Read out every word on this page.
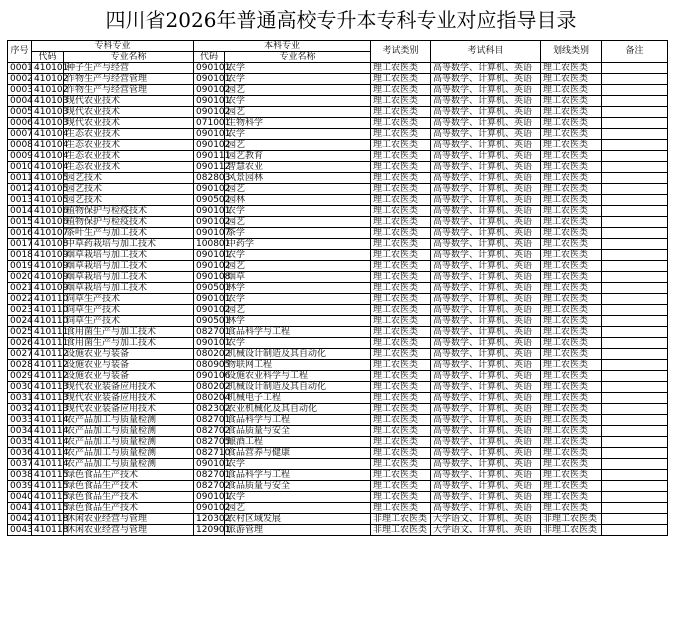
四川省2026年普通高校专升本专科专业对应指导目录
序号	专科专业		本科专业		考试类别	考试科目	划线类别	备注
	代码	专业名称	代码	专业名称				
0001	410101	种子生产与经营	090101	农学	理工农医类	高等数学、计算机、英语	理工农医类	
0002	410102	作物生产与经营管理	090101	农学	理工农医类	高等数学、计算机、英语	理工农医类	
0003	410102	作物生产与经营管理	090102	园艺	理工农医类	高等数学、计算机、英语	理工农医类	
0004	410103	现代农业技术	090101	农学	理工农医类	高等数学、计算机、英语	理工农医类	
0005	410103	现代农业技术	090102	园艺	理工农医类	高等数学、计算机、英语	理工农医类	
0006	410103	现代农业技术	071001	生物科学	理工农医类	高等数学、计算机、英语	理工农医类	
0007	410104	生态农业技术	090101	农学	理工农医类	高等数学、计算机、英语	理工农医类	
0008	410104	生态农业技术	090102	园艺	理工农医类	高等数学、计算机、英语	理工农医类	
0009	410104	生态农业技术	090111	园艺教育	理工农医类	高等数学、计算机、英语	理工农医类	
0010	410104	生态农业技术	090112	智慧农业	理工农医类	高等数学、计算机、英语	理工农医类	
0011	410105	园艺技术	082803	风景园林	理工农医类	高等数学、计算机、英语	理工农医类	
0012	410105	园艺技术	090102	园艺	理工农医类	高等数学、计算机、英语	理工农医类	
0013	410105	园艺技术	090502	园林	理工农医类	高等数学、计算机、英语	理工农医类	
0014	410106	植物保护与检疫技术	090101	农学	理工农医类	高等数学、计算机、英语	理工农医类	
0015	410106	植物保护与检疫技术	090102	园艺	理工农医类	高等数学、计算机、英语	理工农医类	
0016	410107	茶叶生产与加工技术	090107	茶学	理工农医类	高等数学、计算机、英语	理工农医类	
0017	410108	中草药栽培与加工技术	100801	中药学	理工农医类	高等数学、计算机、英语	理工农医类	
0018	410109	烟草栽培与加工技术	090101	农学	理工农医类	高等数学、计算机、英语	理工农医类	
0019	410109	烟草栽培与加工技术	090102	园艺	理工农医类	高等数学、计算机、英语	理工农医类	
0020	410109	烟草栽培与加工技术	090108	烟草	理工农医类	高等数学、计算机、英语	理工农医类	
0021	410109	烟草栽培与加工技术	090501	林学	理工农医类	高等数学、计算机、英语	理工农医类	
0022	410110	饲草生产技术	090101	农学	理工农医类	高等数学、计算机、英语	理工农医类	
0023	410110	饲草生产技术	090102	园艺	理工农医类	高等数学、计算机、英语	理工农医类	
0024	410110	饲草生产技术	090501	林学	理工农医类	高等数学、计算机、英语	理工农医类	
0025	410111	食用菌生产与加工技术	082701	食品科学与工程	理工农医类	高等数学、计算机、英语	理工农医类	
0026	410111	食用菌生产与加工技术	090101	农学	理工农医类	高等数学、计算机、英语	理工农医类	
0027	410112	设施农业与装备	080202	机械设计制造及其自动化	理工农医类	高等数学、计算机、英语	理工农医类	
0028	410112	设施农业与装备	080905	物联网工程	理工农医类	高等数学、计算机、英语	理工农医类	
0029	410112	设施农业与装备	090106	设施农业科学与工程	理工农医类	高等数学、计算机、英语	理工农医类	
0030	410113	现代农业装备应用技术	080202	机械设计制造及其自动化	理工农医类	高等数学、计算机、英语	理工农医类	
0031	410113	现代农业装备应用技术	080204	机械电子工程	理工农医类	高等数学、计算机、英语	理工农医类	
0032	410113	现代农业装备应用技术	082302	农业机械化及其自动化	理工农医类	高等数学、计算机、英语	理工农医类	
0033	410114	农产品加工与质量检测	082701	食品科学与工程	理工农医类	高等数学、计算机、英语	理工农医类	
0034	410114	农产品加工与质量检测	082702	食品质量与安全	理工农医类	高等数学、计算机、英语	理工农医类	
0035	410114	农产品加工与质量检测	082705	酿酒工程	理工农医类	高等数学、计算机、英语	理工农医类	
0036	410114	农产品加工与质量检测	082710	食品营养与健康	理工农医类	高等数学、计算机、英语	理工农医类	
0037	410114	农产品加工与质量检测	090101	农学	理工农医类	高等数学、计算机、英语	理工农医类	
0038	410115	绿色食品生产技术	082701	食品科学与工程	理工农医类	高等数学、计算机、英语	理工农医类	
0039	410115	绿色食品生产技术	082702	食品质量与安全	理工农医类	高等数学、计算机、英语	理工农医类	
0040	410115	绿色食品生产技术	090101	农学	理工农医类	高等数学、计算机、英语	理工农医类	
0041	410115	绿色食品生产技术	090102	园艺	理工农医类	高等数学、计算机、英语	理工农医类	
0042	410118	休闲农业经营与管理	120302	农村区域发展	非理工农医类	大学语文、计算机、英语	非理工农医类	
0043	410118	休闲农业经营与管理	120901	旅游管理	非理工农医类	大学语文、计算机、英语	非理工农医类	
